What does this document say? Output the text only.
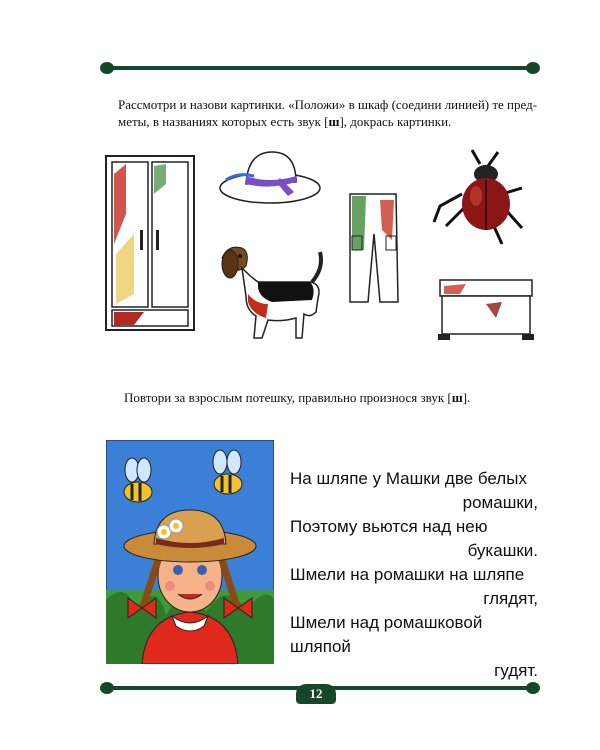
Рассмотри и назови картинки. «Положи» в шкаф (соедини линией) те пред-
меты, в названиях которых есть звук [ш], докрась картинки.
Повтори за взрослым потешку, правильно произнося звук [ш].
На шляпе у Машки две белых
ромашки,
Поэтому вьются над нею
букашки.
Шмели на ромашки на шляпе
глядят,
Шмели над ромашковой шляпой
гудят.
12
